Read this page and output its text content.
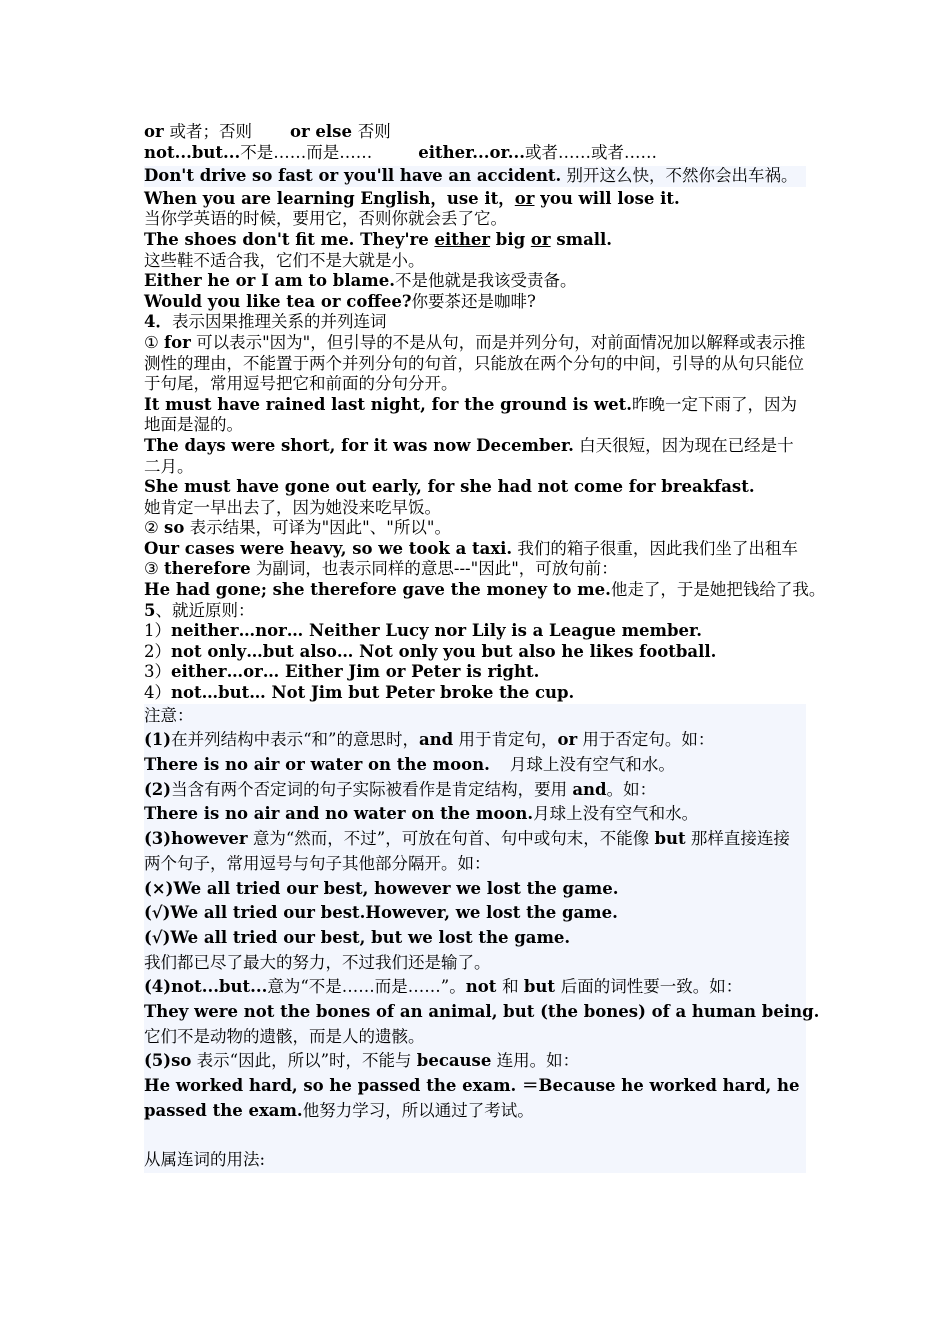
or 或者；否则 or else 否则
not...but...不是……而是……	either...or...或者……或者……
Don't drive so fast or you'll have an accident. 别开这么快，不然你会出车祸。
When you are learning English，use it，or you will lose it.
当你学英语的时候，要用它，否则你就会丢了它。
The shoes don't fit me. They're either big or small.
这些鞋不适合我，它们不是大就是小。
Either he or I am to blame.不是他就是我该受责备。
Would you like tea or coffee?你要茶还是咖啡?
4．表示因果推理关系的并列连词
① for 可以表示"因为"，但引导的不是从句，而是并列分句，对前面情况加以解释或表示推测性的理由，不能置于两个并列分句的句首，只能放在两个分句的中间，引导的从句只能位于句尾，常用逗号把它和前面的分句分开。
It must have rained last night, for the ground is wet.昨晚一定下雨了，因为地面是湿的。
The days were short, for it was now December. 白天很短，因为现在已经是十二月。
She must have gone out early, for she had not come for breakfast.
她肯定一早出去了，因为她没来吃早饭。
② so 表示结果，可译为"因此"、"所以"。
Our cases were heavy, so we took a taxi. 我们的箱子很重，因此我们坐了出租车
③ therefore 为副词，也表示同样的意思---"因此"，可放句前：
He had gone; she therefore gave the money to me.他走了，于是她把钱给了我。
5、就近原则：
1）neither…nor… Neither Lucy nor Lily is a League member.
2）not only…but also… Not only you but also he likes football.
3）either…or… Either Jim or Peter is right.
4）not…but… Not Jim but Peter broke the cup.
注意：
(1)在并列结构中表示“和”的意思时，and 用于肯定句，or 用于否定句。如：
There is no air or water on the moon. 月球上没有空气和水。
(2)当含有两个否定词的句子实际被看作是肯定结构，要用 and。如：
There is no air and no water on the moon.月球上没有空气和水。
(3)however 意为“然而，不过”，可放在句首、句中或句末，不能像 but 那样直接连接两个句子，常用逗号与句子其他部分隔开。如：
(×)We all tried our best, however we lost the game.
(√)We all tried our best.However, we lost the game.
(√)We all tried our best, but we lost the game.
我们都已尽了最大的努力，不过我们还是输了。
(4)not...but...意为“不是……而是……”。not 和 but 后面的词性要一致。如：
They were not the bones of an animal, but (the bones) of a human being.
它们不是动物的遗骸，而是人的遗骸。
(5)so 表示“因此，所以”时，不能与 because 连用。如：
He worked hard, so he passed the exam. ＝Because he worked hard, he passed the exam.他努力学习，所以通过了考试。
从属连词的用法:
